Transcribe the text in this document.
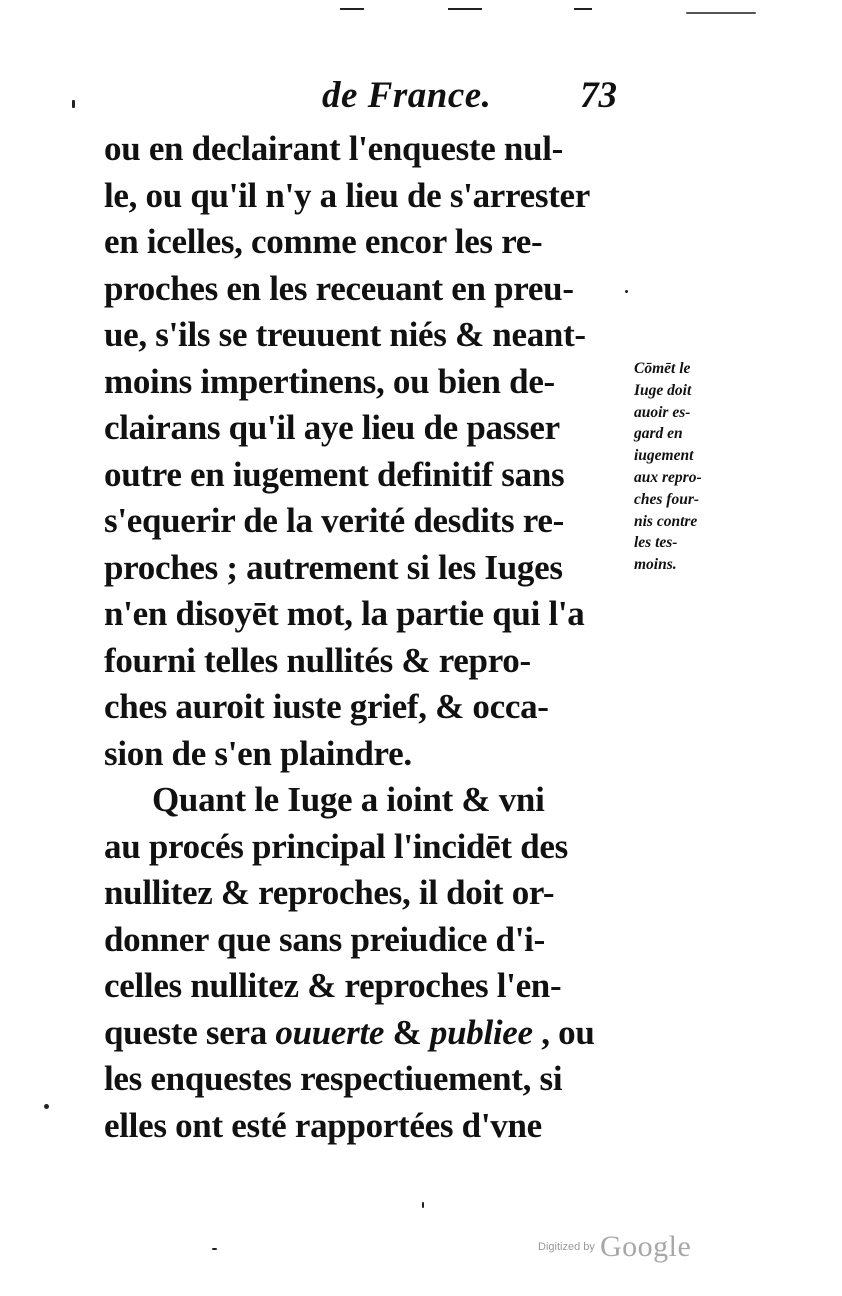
de France. 73
ou en declairant l'enqueste nul-
le, ou qu'il n'y a lieu de s'arrester
en icelles, comme encor les re-
proches en les receuant en preu-
ue, s'ils se treuuent niés & neant-
moins impertinens, ou bien de-
clairans qu'il aye lieu de passer
outre en iugement definitif sans
s'equerir de la verité desdits re-
proches ; autrement si les Iuges
n'en disoyēt mot, la partie qui l'a
fourni telles nullités & repro-
ches auroit iuste grief, & occa-
sion de s'en plaindre.
Quant le Iuge a ioint & vni
au procés principal l'incidēt des
nullitez & reproches, il doit or-
donner que sans preiudice d'i-
celles nullitez & reproches l'en-
queste sera ouuerte & publiee , ou
les enquestes respectiuement, si
elles ont esté rapportées d'vne
Cōmēt le
Iuge doit
auoir es-
gard en
iugement
aux repro-
ches four-
nis contre
les tes-
moins.
Digitized by Google
